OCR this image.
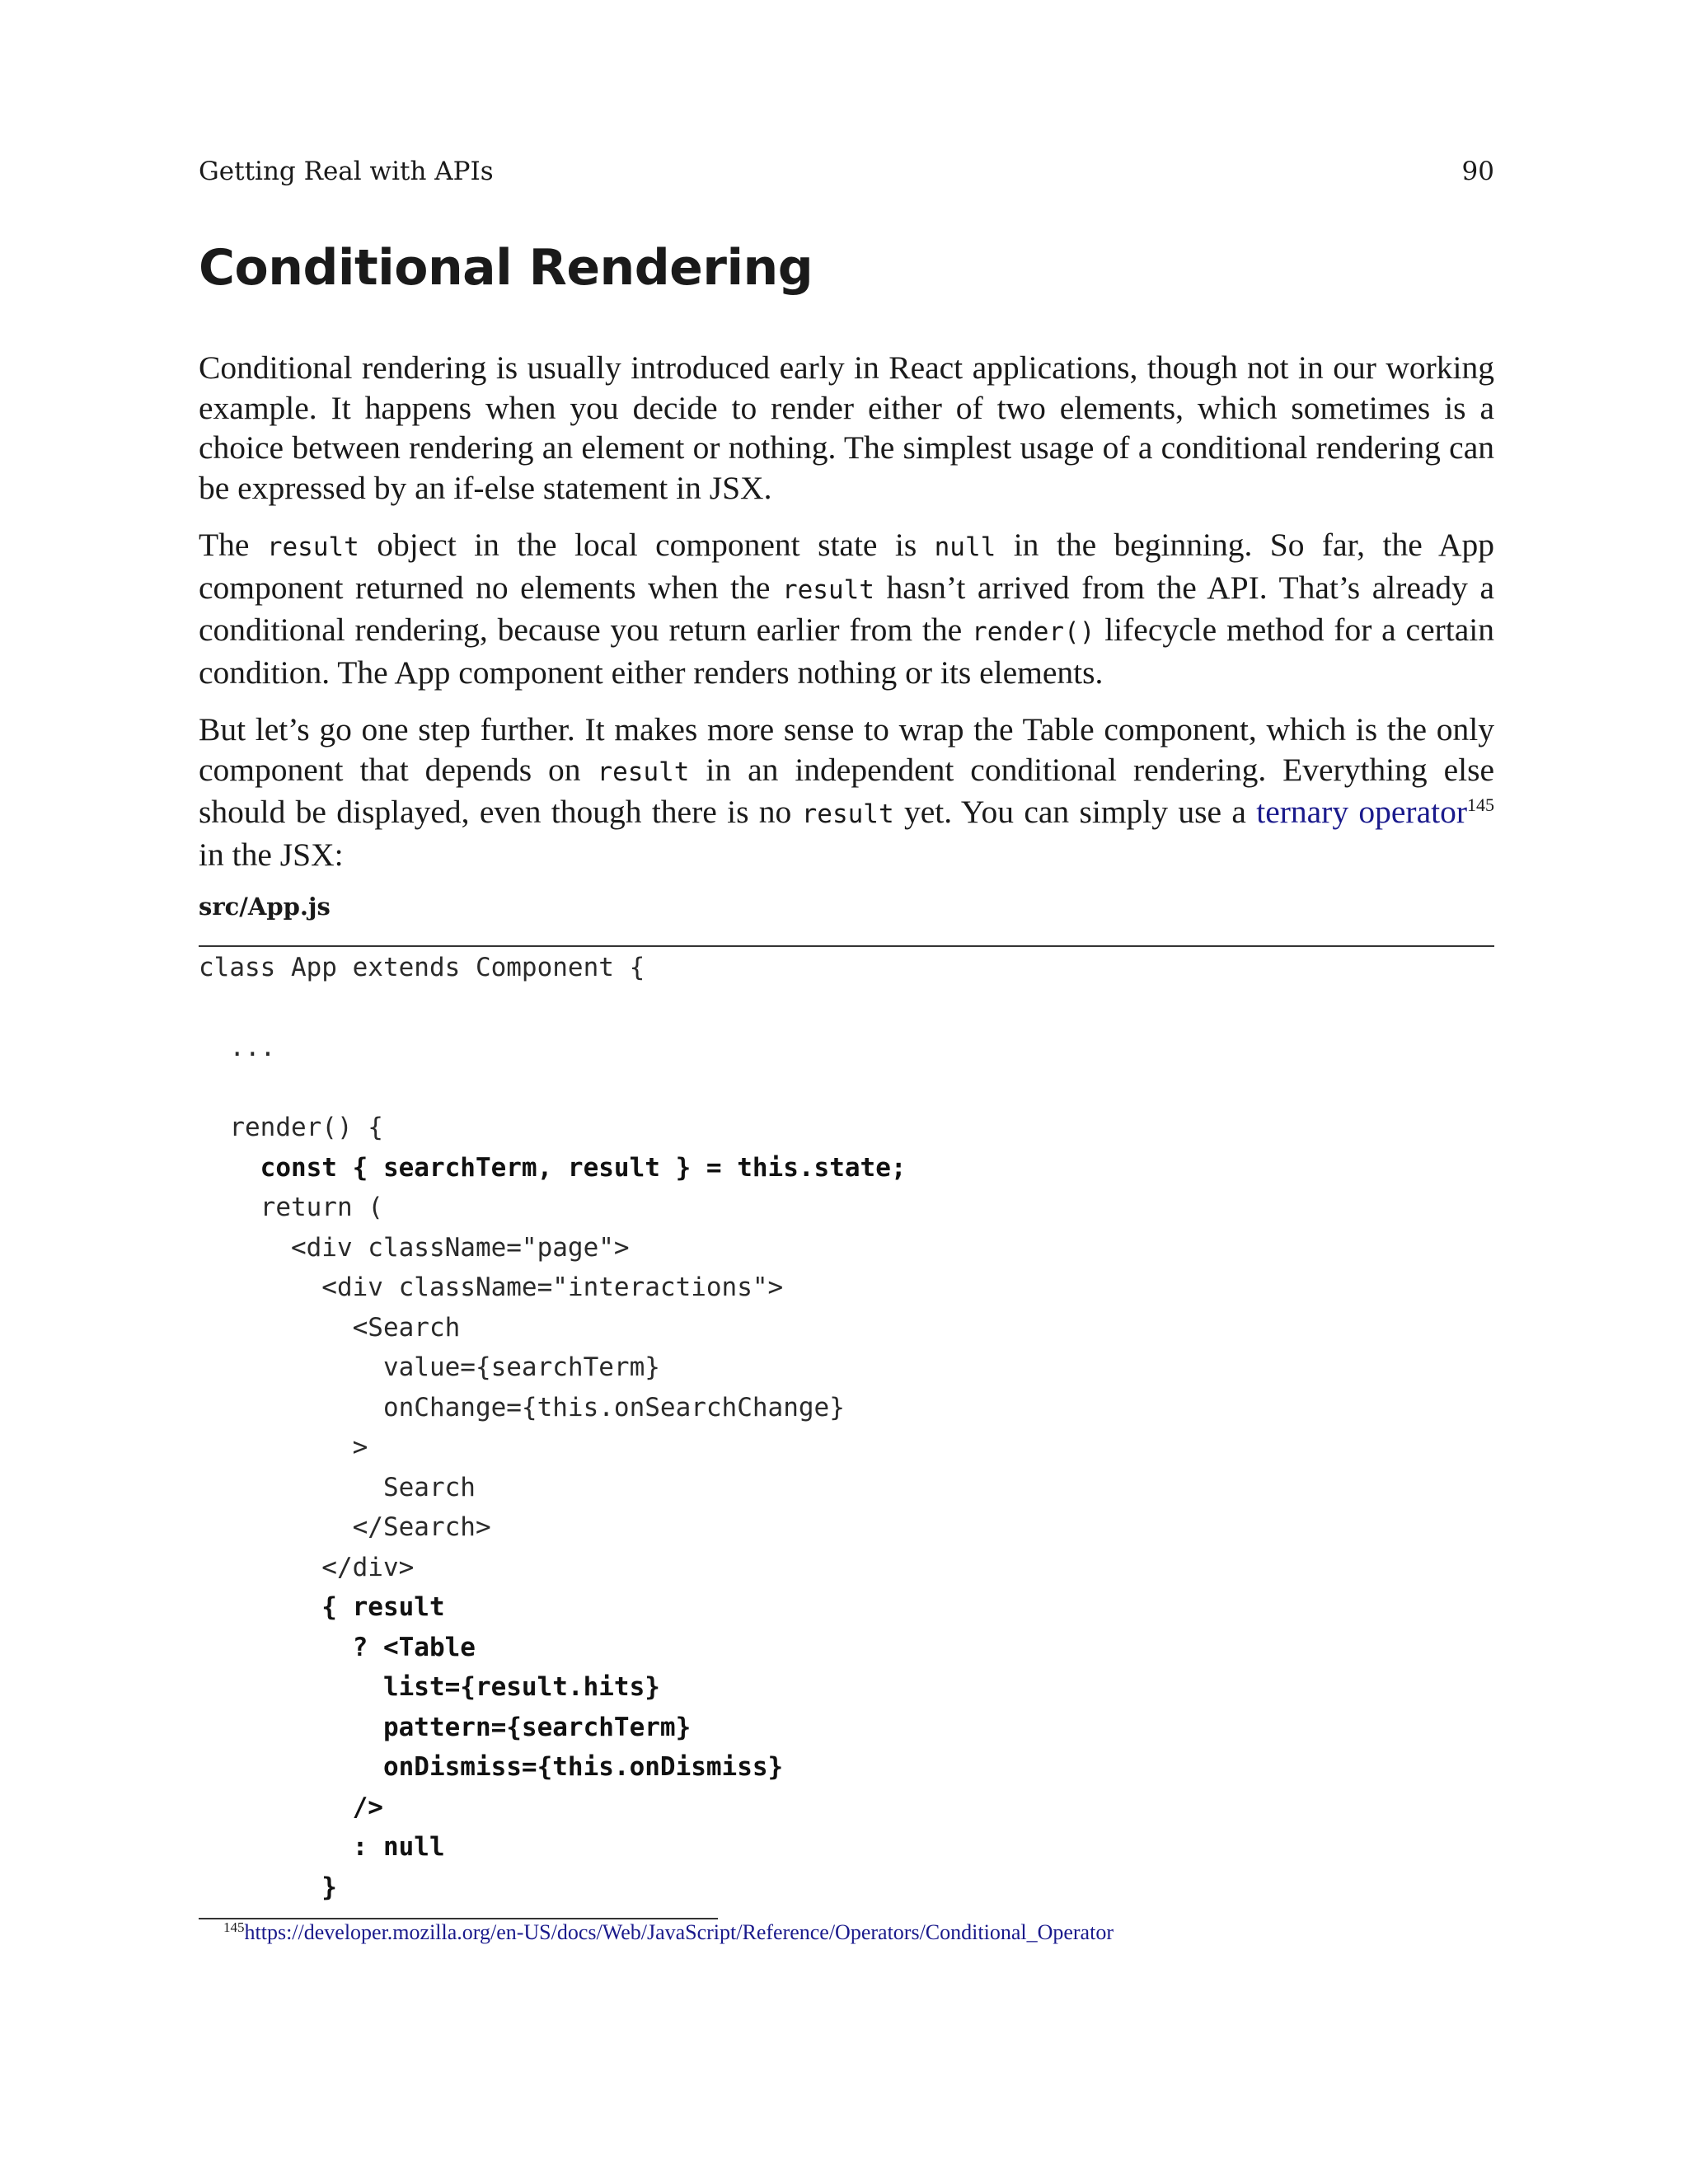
Getting Real with APIs	90
Conditional Rendering

Conditional rendering is usually introduced early in React applications, though not in our working example. It happens when you decide to render either of two elements, which sometimes is a choice between rendering an element or nothing. The simplest usage of a conditional rendering can be expressed by an if-else statement in JSX.

The result object in the local component state is null in the beginning. So far, the App component returned no elements when the result hasn’t arrived from the API. That’s already a conditional rendering, because you return earlier from the render() lifecycle method for a certain condition. The App component either renders nothing or its elements.

But let’s go one step further. It makes more sense to wrap the Table component, which is the only component that depends on result in an independent conditional rendering. Everything else should be displayed, even though there is no result yet. You can simply use a ternary operator$^{145}$ in the JSX:

src/App.js
class App extends Component {
...
render() {
const { searchTerm, result } = this.state;
return (
<div className="page">
<div className="interactions">
<Search
value={searchTerm}
onChange={this.onSearchChange}
>
Search
</Search>
</div>
{ result
? <Table
list={result.hits}
pattern={searchTerm}
onDismiss={this.onDismiss}
/>
: null
}
$^{145}$https://developer.mozilla.org/en-US/docs/Web/JavaScript/Reference/Operators/Conditional_Operator
